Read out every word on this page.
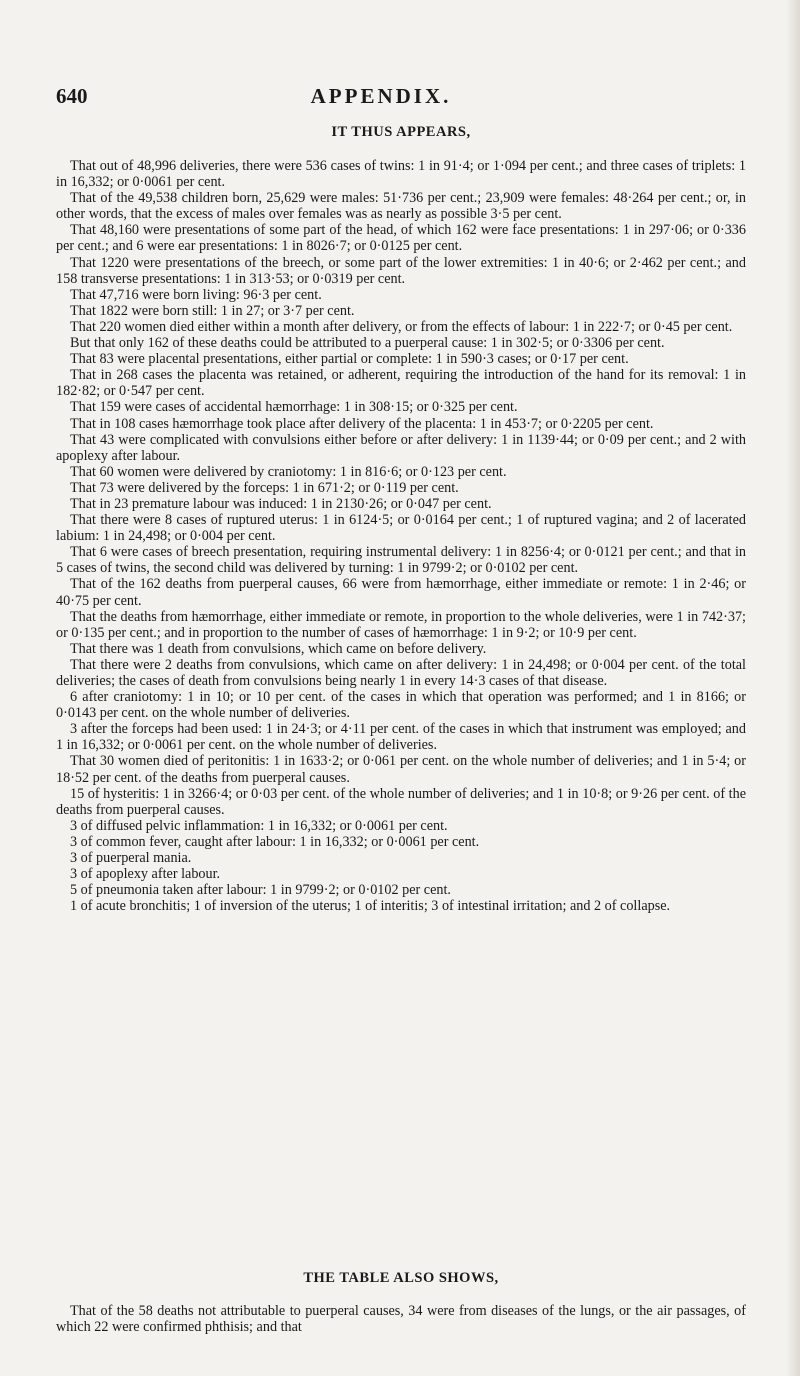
640	APPENDIX.
IT THUS APPEARS,

That out of 48,996 deliveries, there were 536 cases of twins: 1 in 91·4; or 1·094 per cent.; and three cases of triplets: 1 in 16,332; or 0·0061 per cent.

That of the 49,538 children born, 25,629 were males: 51·736 per cent.; 23,909 were females: 48·264 per cent.; or, in other words, that the excess of males over females was as nearly as possible 3·5 per cent.

That 48,160 were presentations of some part of the head, of which 162 were face presentations: 1 in 297·06; or 0·336 per cent.; and 6 were ear presentations: 1 in 8026·7; or 0·0125 per cent.

That 1220 were presentations of the breech, or some part of the lower extremities: 1 in 40·6; or 2·462 per cent.; and 158 transverse presentations: 1 in 313·53; or 0·0319 per cent.

That 47,716 were born living: 96·3 per cent.

That 1822 were born still: 1 in 27; or 3·7 per cent.

That 220 women died either within a month after delivery, or from the effects of labour: 1 in 222·7; or 0·45 per cent.

But that only 162 of these deaths could be attributed to a puerperal cause: 1 in 302·5; or 0·3306 per cent.

That 83 were placental presentations, either partial or complete: 1 in 590·3 cases; or 0·17 per cent.

That in 268 cases the placenta was retained, or adherent, requiring the introduction of the hand for its removal: 1 in 182·82; or 0·547 per cent.

That 159 were cases of accidental hæmorrhage: 1 in 308·15; or 0·325 per cent.

That in 108 cases hæmorrhage took place after delivery of the placenta: 1 in 453·7; or 0·2205 per cent.

That 43 were complicated with convulsions either before or after delivery: 1 in 1139·44; or 0·09 per cent.; and 2 with apoplexy after labour.

That 60 women were delivered by craniotomy: 1 in 816·6; or 0·123 per cent.

That 73 were delivered by the forceps: 1 in 671·2; or 0·119 per cent.

That in 23 premature labour was induced: 1 in 2130·26; or 0·047 per cent.

That there were 8 cases of ruptured uterus: 1 in 6124·5; or 0·0164 per cent.; 1 of ruptured vagina; and 2 of lacerated labium: 1 in 24,498; or 0·004 per cent.

That 6 were cases of breech presentation, requiring instrumental delivery: 1 in 8256·4; or 0·0121 per cent.; and that in 5 cases of twins, the second child was delivered by turning: 1 in 9799·2; or 0·0102 per cent.

That of the 162 deaths from puerperal causes, 66 were from hæmorrhage, either immediate or remote: 1 in 2·46; or 40·75 per cent.

That the deaths from hæmorrhage, either immediate or remote, in proportion to the whole deliveries, were 1 in 742·37; or 0·135 per cent.; and in proportion to the number of cases of hæmorrhage: 1 in 9·2; or 10·9 per cent.

That there was 1 death from convulsions, which came on before delivery.

That there were 2 deaths from convulsions, which came on after delivery: 1 in 24,498; or 0·004 per cent. of the total deliveries; the cases of death from convulsions being nearly 1 in every 14·3 cases of that disease.

6 after craniotomy: 1 in 10; or 10 per cent. of the cases in which that operation was performed; and 1 in 8166; or 0·0143 per cent. on the whole number of deliveries.

3 after the forceps had been used: 1 in 24·3; or 4·11 per cent. of the cases in which that instrument was employed; and 1 in 16,332; or 0·0061 per cent. on the whole number of deliveries.

That 30 women died of peritonitis: 1 in 1633·2; or 0·061 per cent. on the whole number of deliveries; and 1 in 5·4; or 18·52 per cent. of the deaths from puerperal causes.

15 of hysteritis: 1 in 3266·4; or 0·03 per cent. of the whole number of deliveries; and 1 in 10·8; or 9·26 per cent. of the deaths from puerperal causes.

3 of diffused pelvic inflammation: 1 in 16,332; or 0·0061 per cent.

3 of common fever, caught after labour: 1 in 16,332; or 0·0061 per cent.

3 of puerperal mania.

3 of apoplexy after labour.

5 of pneumonia taken after labour: 1 in 9799·2; or 0·0102 per cent.

1 of acute bronchitis; 1 of inversion of the uterus; 1 of interitis; 3 of intestinal irritation; and 2 of collapse.

THE TABLE ALSO SHOWS,

That of the 58 deaths not attributable to puerperal causes, 34 were from diseases of the lungs, or the air passages, of which 22 were confirmed phthisis; and that
